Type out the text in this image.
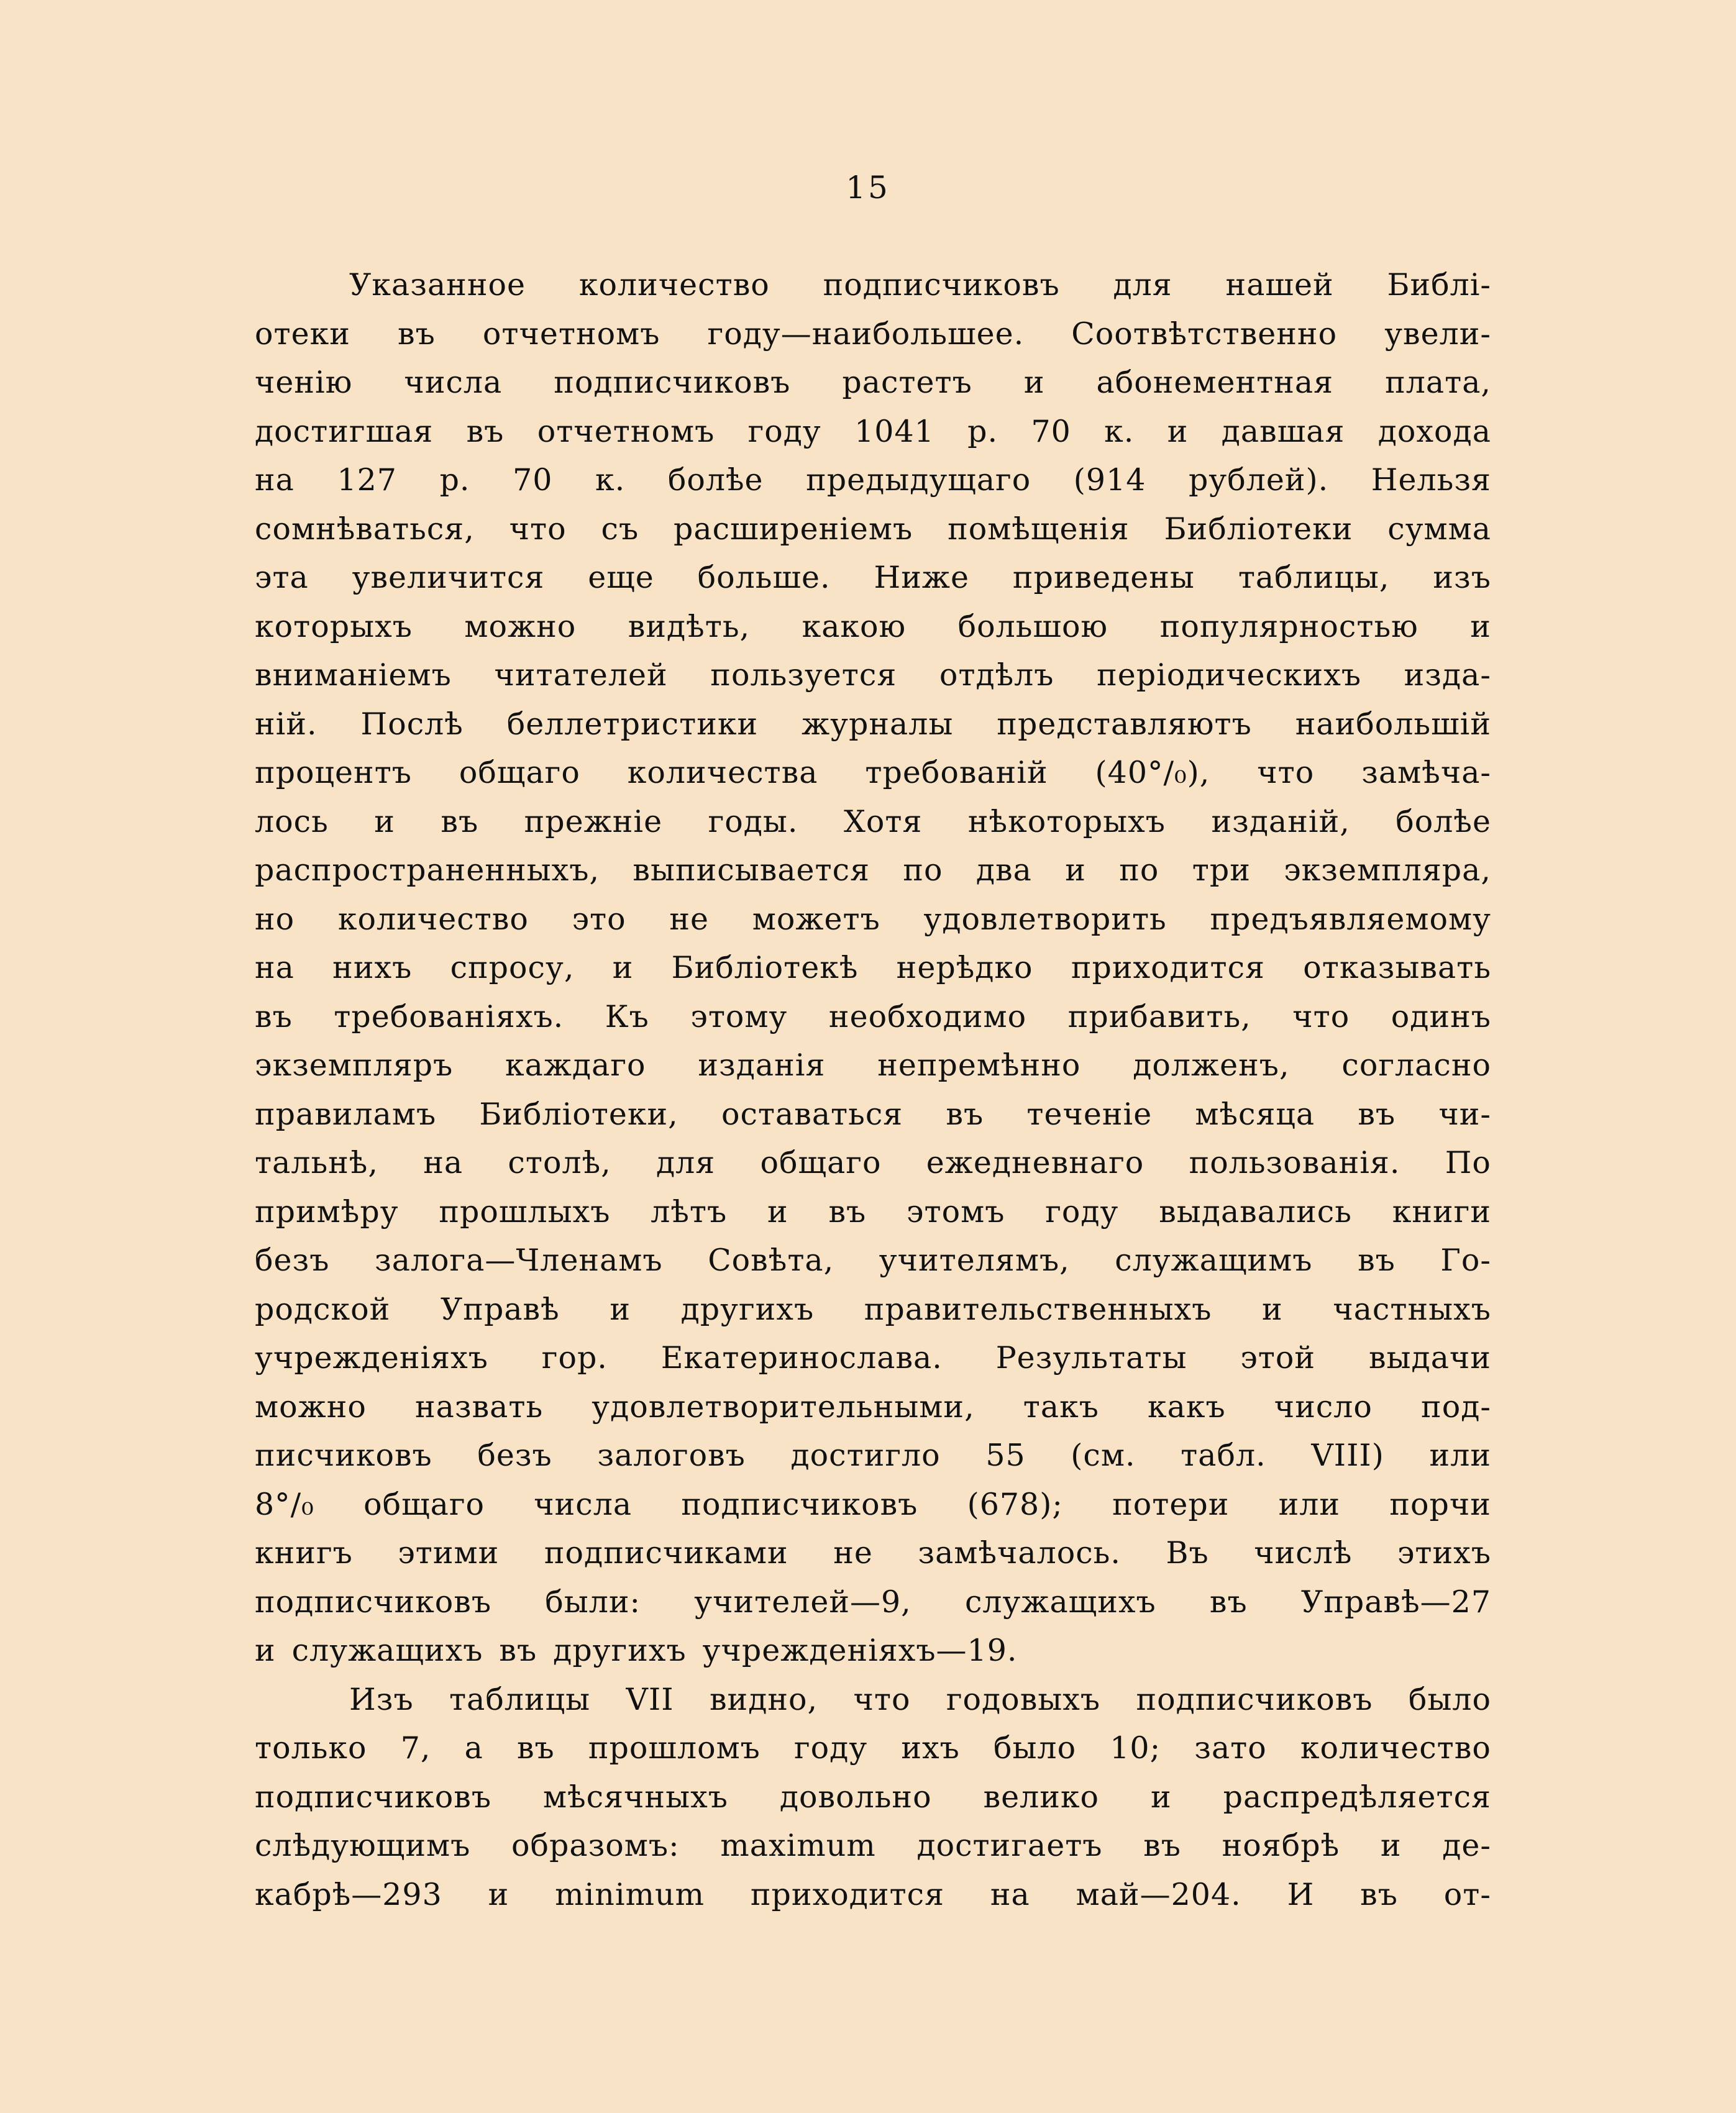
15
Указанное количество подписчиковъ для нашей Библі-
отеки въ отчетномъ году—наибольшее. Соотвѣтственно увели-
ченію числа подписчиковъ растетъ и абонементная плата,
достигшая въ отчетномъ году 1041 р. 70 к. и давшая дохода
на 127 р. 70 к. болѣе предыдущаго (914 рублей). Нельзя
сомнѣваться, что съ расширеніемъ помѣщенія Библіотеки сумма
эта увеличится еще больше. Ниже приведены таблицы, изъ
которыхъ можно видѣть, какою большою популярностью и
вниманіемъ читателей пользуется отдѣлъ періодическихъ изда-
ній. Послѣ беллетристики журналы представляютъ наибольшій
процентъ общаго количества требованій (40°/₀), что замѣча-
лось и въ прежніе годы. Хотя нѣкоторыхъ изданій, болѣе
распространенныхъ, выписывается по два и по три экземпляра,
но количество это не можетъ удовлетворить предъявляемому
на нихъ спросу, и Библіотекѣ нерѣдко приходится отказывать
въ требованіяхъ. Къ этому необходимо прибавить, что одинъ
экземпляръ каждаго изданія непремѣнно долженъ, согласно
правиламъ Библіотеки, оставаться въ теченіе мѣсяца въ чи-
тальнѣ, на столѣ, для общаго ежедневнаго пользованія. По
примѣру прошлыхъ лѣтъ и въ этомъ году выдавались книги
безъ залога—Членамъ Совѣта, учителямъ, служащимъ въ Го-
родской Управѣ и другихъ правительственныхъ и частныхъ
учрежденіяхъ гор. Екатеринослава. Результаты этой выдачи
можно назвать удовлетворительными, такъ какъ число под-
писчиковъ безъ залоговъ достигло 55 (см. табл. VIII) или
8°/₀ общаго числа подписчиковъ (678); потери или порчи
книгъ этими подписчиками не замѣчалось. Въ числѣ этихъ
подписчиковъ были: учителей—9, служащихъ въ Управѣ—27
и служащихъ въ другихъ учрежденіяхъ—19.
Изъ таблицы VII видно, что годовыхъ подписчиковъ было
только 7, а въ прошломъ году ихъ было 10; зато количество
подписчиковъ мѣсячныхъ довольно велико и распредѣляется
слѣдующимъ образомъ: maximum достигаетъ въ ноябрѣ и де-
кабрѣ—293 и minimum приходится на май—204. И въ от-
